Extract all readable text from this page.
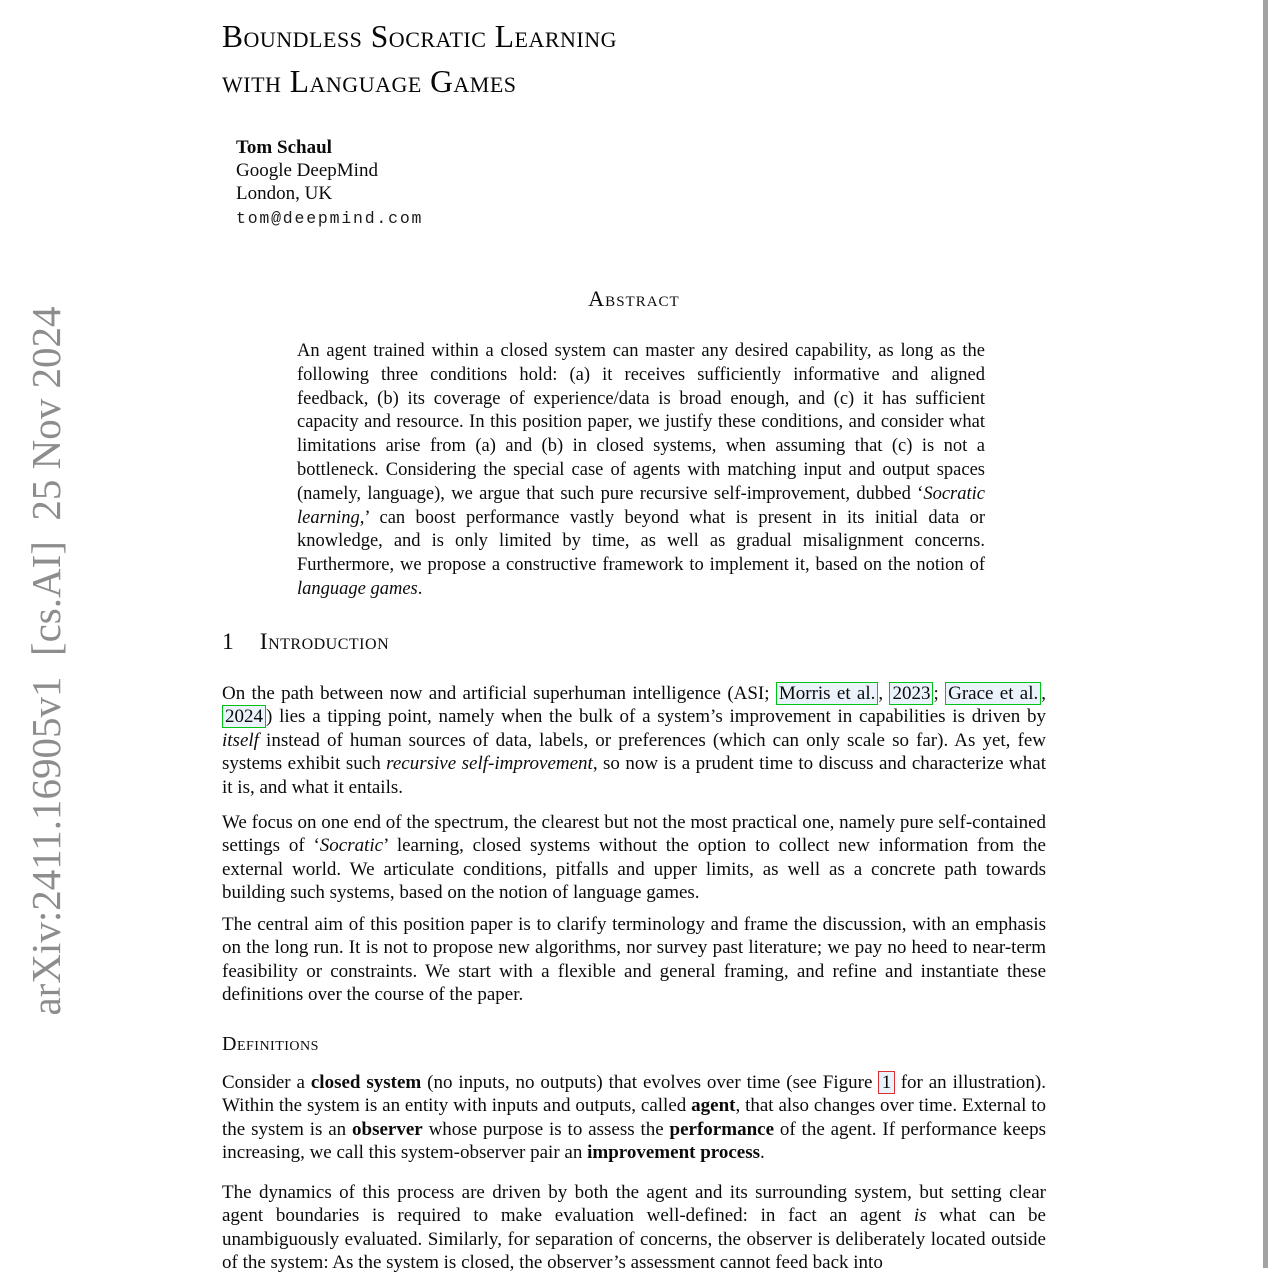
arXiv:2411.16905v1  [cs.AI]  25 Nov 2024
Boundless Socratic Learning
with Language Games
Tom Schaul
Google DeepMind
London, UK
tom@deepmind.com
Abstract
An agent trained within a closed system can master any desired capability, as long as the following three conditions hold: (a) it receives sufficiently informative and aligned feedback, (b) its coverage of experience/data is broad enough, and (c) it has sufficient capacity and resource. In this position paper, we justify these conditions, and consider what limitations arise from (a) and (b) in closed systems, when assuming that (c) is not a bottleneck. Considering the special case of agents with matching input and output spaces (namely, language), we argue that such pure recursive self-improvement, dubbed ‘Socratic learning,’ can boost performance vastly beyond what is present in its initial data or knowledge, and is only limited by time, as well as gradual misalignment concerns. Furthermore, we propose a constructive framework to implement it, based on the notion of language games.
1 Introduction
On the path between now and artificial superhuman intelligence (ASI; Morris et al. , 2023 ; Grace et al. , 2024 ) lies a tipping point, namely when the bulk of a system’s improvement in capabilities is driven by itself instead of human sources of data, labels, or preferences (which can only scale so far). As yet, few systems exhibit such recursive self-improvement, so now is a prudent time to discuss and characterize what it is, and what it entails.
We focus on one end of the spectrum, the clearest but not the most practical one, namely pure self-contained settings of ‘Socratic’ learning, closed systems without the option to collect new information from the external world. We articulate conditions, pitfalls and upper limits, as well as a concrete path towards building such systems, based on the notion of language games.
The central aim of this position paper is to clarify terminology and frame the discussion, with an emphasis on the long run. It is not to propose new algorithms, nor survey past literature; we pay no heed to near-term feasibility or constraints. We start with a flexible and general framing, and refine and instantiate these definitions over the course of the paper.
Definitions
Consider a closed system (no inputs, no outputs) that evolves over time (see Figure 1 for an illustration). Within the system is an entity with inputs and outputs, called agent, that also changes over time. External to the system is an observer whose purpose is to assess the performance of the agent. If performance keeps increasing, we call this system-observer pair an improvement process.
The dynamics of this process are driven by both the agent and its surrounding system, but setting clear agent boundaries is required to make evaluation well-defined: in fact an agent is what can be unambiguously evaluated. Similarly, for separation of concerns, the observer is deliberately located outside of the system: As the system is closed, the observer’s assessment cannot feed back into
